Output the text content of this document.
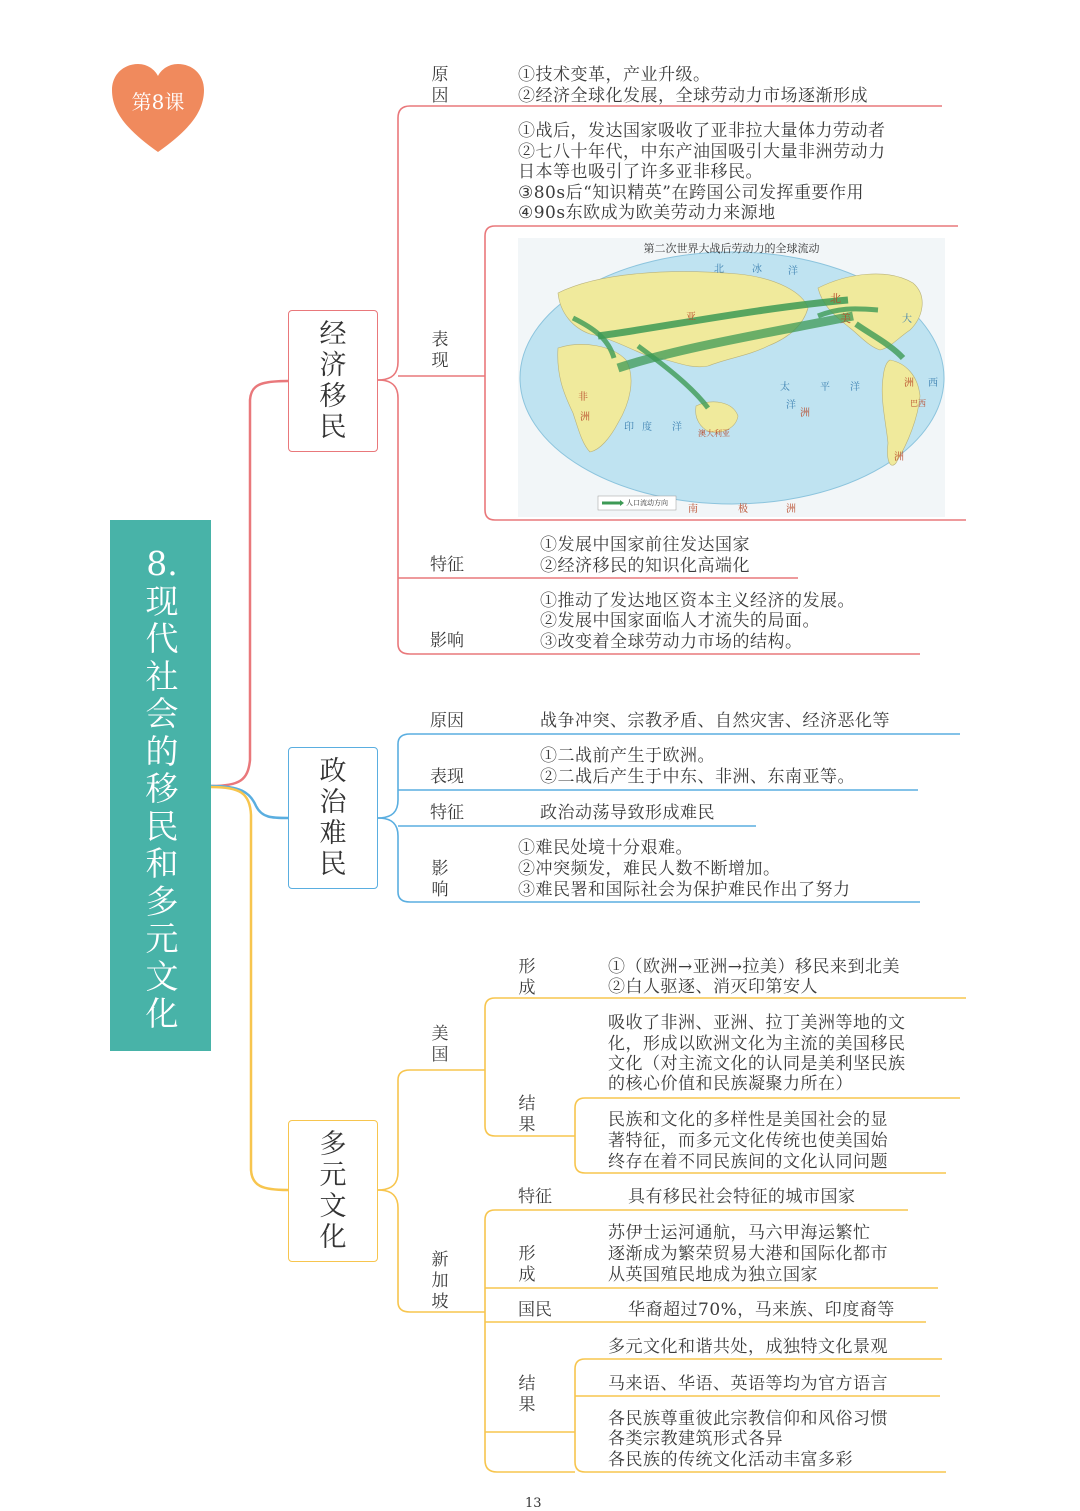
第8课
8.现代社会的移民和多元文化
经济移民
原因
①技术变革，产业升级。
②经济全球化发展，全球劳动力市场逐渐形成
表现
①战后，发达国家吸收了亚非拉大量体力劳动者
②七八十年代，中东产油国吸引大量非洲劳动力
日本等也吸引了许多亚非移民。
③80s后“知识精英”在跨国公司发挥重要作用
④90s东欧成为欧美劳动力来源地
第二次世界大战后劳动力的全球流动
人口流动方向
北	冰	洋
北
美	大
西
太	平 洋
洋
洲
印 度 洋
南	极	洲
澳大利亚
巴西
洲
洲
非
洲
亚
特征
①发展中国家前往发达国家
②经济移民的知识化高端化
影响
①推动了发达地区资本主义经济的发展。
②发展中国家面临人才流失的局面。
③改变着全球劳动力市场的结构。
政治难民
原因	战争冲突、宗教矛盾、自然灾害、经济恶化等
表现
①二战前产生于欧洲。
②二战后产生于中东、非洲、东南亚等。
特征	政治动荡导致形成难民
影响
①难民处境十分艰难。
②冲突频发，难民人数不断增加。
③难民署和国际社会为保护难民作出了努力
多元文化
美国
形成
①（欧洲→亚洲→拉美）移民来到北美
②白人驱逐、消灭印第安人
结果
吸收了非洲、亚洲、拉丁美洲等地的文
化，形成以欧洲文化为主流的美国移民
文化（对主流文化的认同是美利坚民族
的核心价值和民族凝聚力所在）
民族和文化的多样性是美国社会的显
著特征，而多元文化传统也使美国始
终存在着不同民族间的文化认同问题
新加坡
特征	具有移民社会特征的城市国家
形成
苏伊士运河通航，马六甲海运繁忙
逐渐成为繁荣贸易大港和国际化都市
从英国殖民地成为独立国家
国民	华裔超过70%，马来族、印度裔等
结果
多元文化和谐共处，成独特文化景观
马来语、华语、英语等均为官方语言
各民族尊重彼此宗教信仰和风俗习惯
各类宗教建筑形式各异
各民族的传统文化活动丰富多彩
13
